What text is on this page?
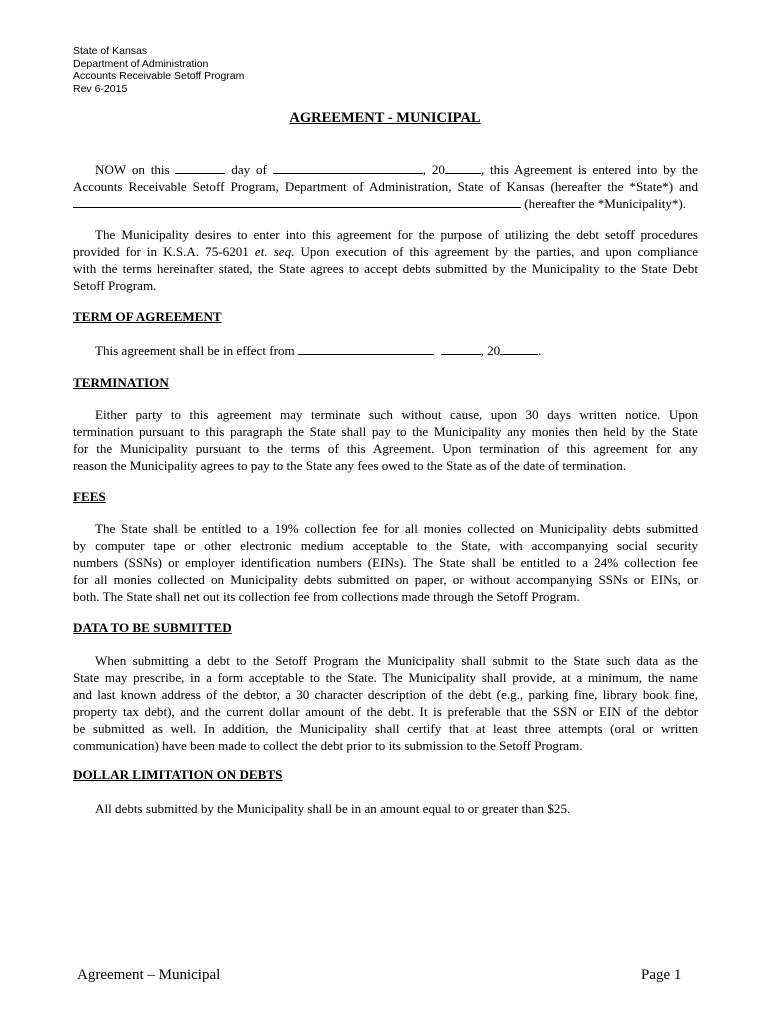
State of Kansas
Department of Administration
Accounts Receivable Setoff Program
Rev 6-2015
AGREEMENT - MUNICIPAL
NOW on this	day of	, 20	, this Agreement is entered into by the
Accounts Receivable Setoff Program, Department of Administration, State of Kansas (hereafter the *State*) and
(hereafter the *Municipality*).
The Municipality desires to enter into this agreement for the purpose of utilizing the debt setoff procedures
provided for in K.S.A. 75-6201 et. seq. Upon execution of this agreement by the parties, and upon compliance
with the terms hereinafter stated, the State agrees to accept debts submitted by the Municipality to the State Debt
Setoff Program.
TERM OF AGREEMENT
This agreement shall be in effect from	, 20	.
TERMINATION
Either party to this agreement may terminate such without cause, upon 30 days written notice. Upon
termination pursuant to this paragraph the State shall pay to the Municipality any monies then held by the State
for the Municipality pursuant to the terms of this Agreement. Upon termination of this agreement for any
reason the Municipality agrees to pay to the State any fees owed to the State as of the date of termination.
FEES
The State shall be entitled to a 19% collection fee for all monies collected on Municipality debts submitted
by computer tape or other electronic medium acceptable to the State, with accompanying social security
numbers (SSNs) or employer identification numbers (EINs). The State shall be entitled to a 24% collection fee
for all monies collected on Municipality debts submitted on paper, or without accompanying SSNs or EINs, or
both. The State shall net out its collection fee from collections made through the Setoff Program.
DATA TO BE SUBMITTED
When submitting a debt to the Setoff Program the Municipality shall submit to the State such data as the
State may prescribe, in a form acceptable to the State. The Municipality shall provide, at a minimum, the name
and last known address of the debtor, a 30 character description of the debt (e.g., parking fine, library book fine,
property tax debt), and the current dollar amount of the debt. It is preferable that the SSN or EIN of the debtor
be submitted as well. In addition, the Municipality shall certify that at least three attempts (oral or written
communication) have been made to collect the debt prior to its submission to the Setoff Program.
DOLLAR LIMITATION ON DEBTS
All debts submitted by the Municipality shall be in an amount equal to or greater than $25.
Agreement – Municipal	Page 1
